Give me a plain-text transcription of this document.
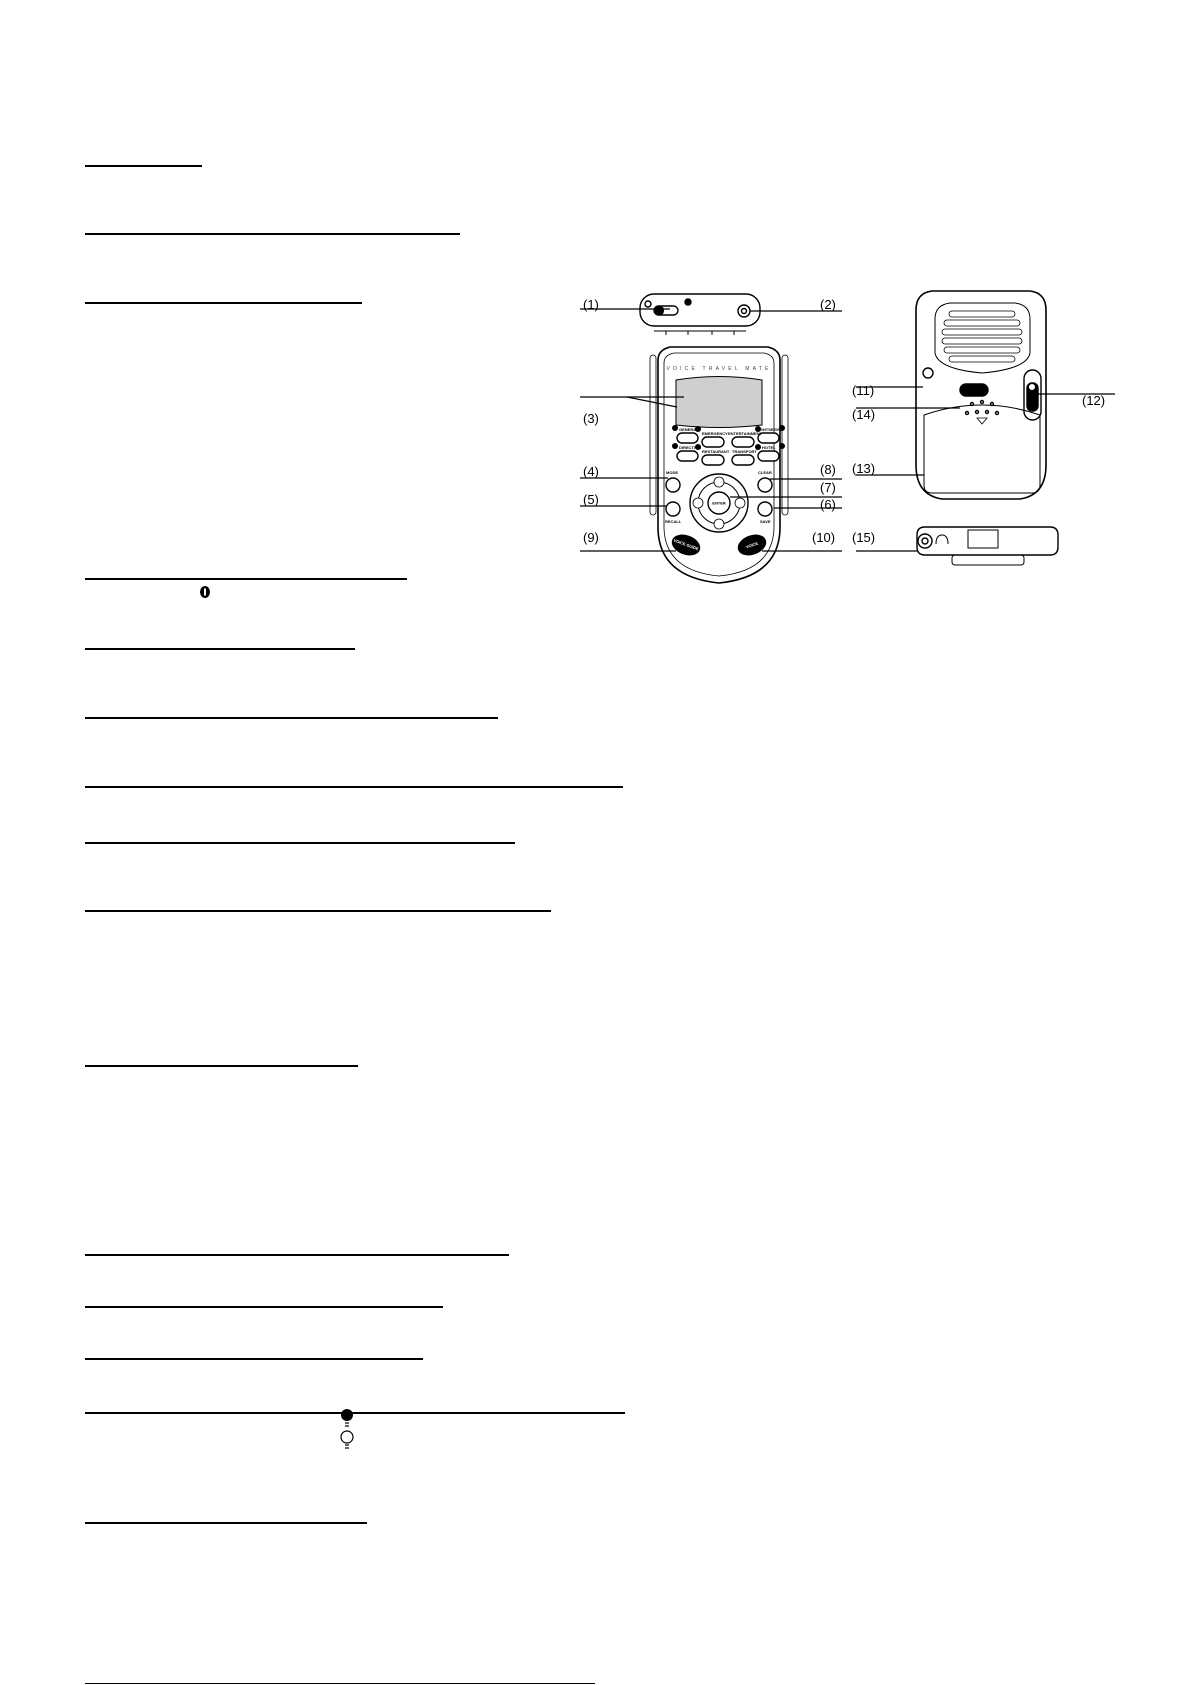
VOICE TRAVEL MATE
GENERAL
EMERGENCY ENTERTAINMENT
SIGHTSEEING
DIRECTION
RESTAURANT TRANSPORT
HOTEL
MODE	CLEAR
ENTER
RECALL	SAVE
VOICE GUIDE	VOICE
(1)	(2)
(3)
(4)
(5)	(6)
(7)
(8)
(9)	(10)
(11)
(12)
(13)
(14)
(15)
